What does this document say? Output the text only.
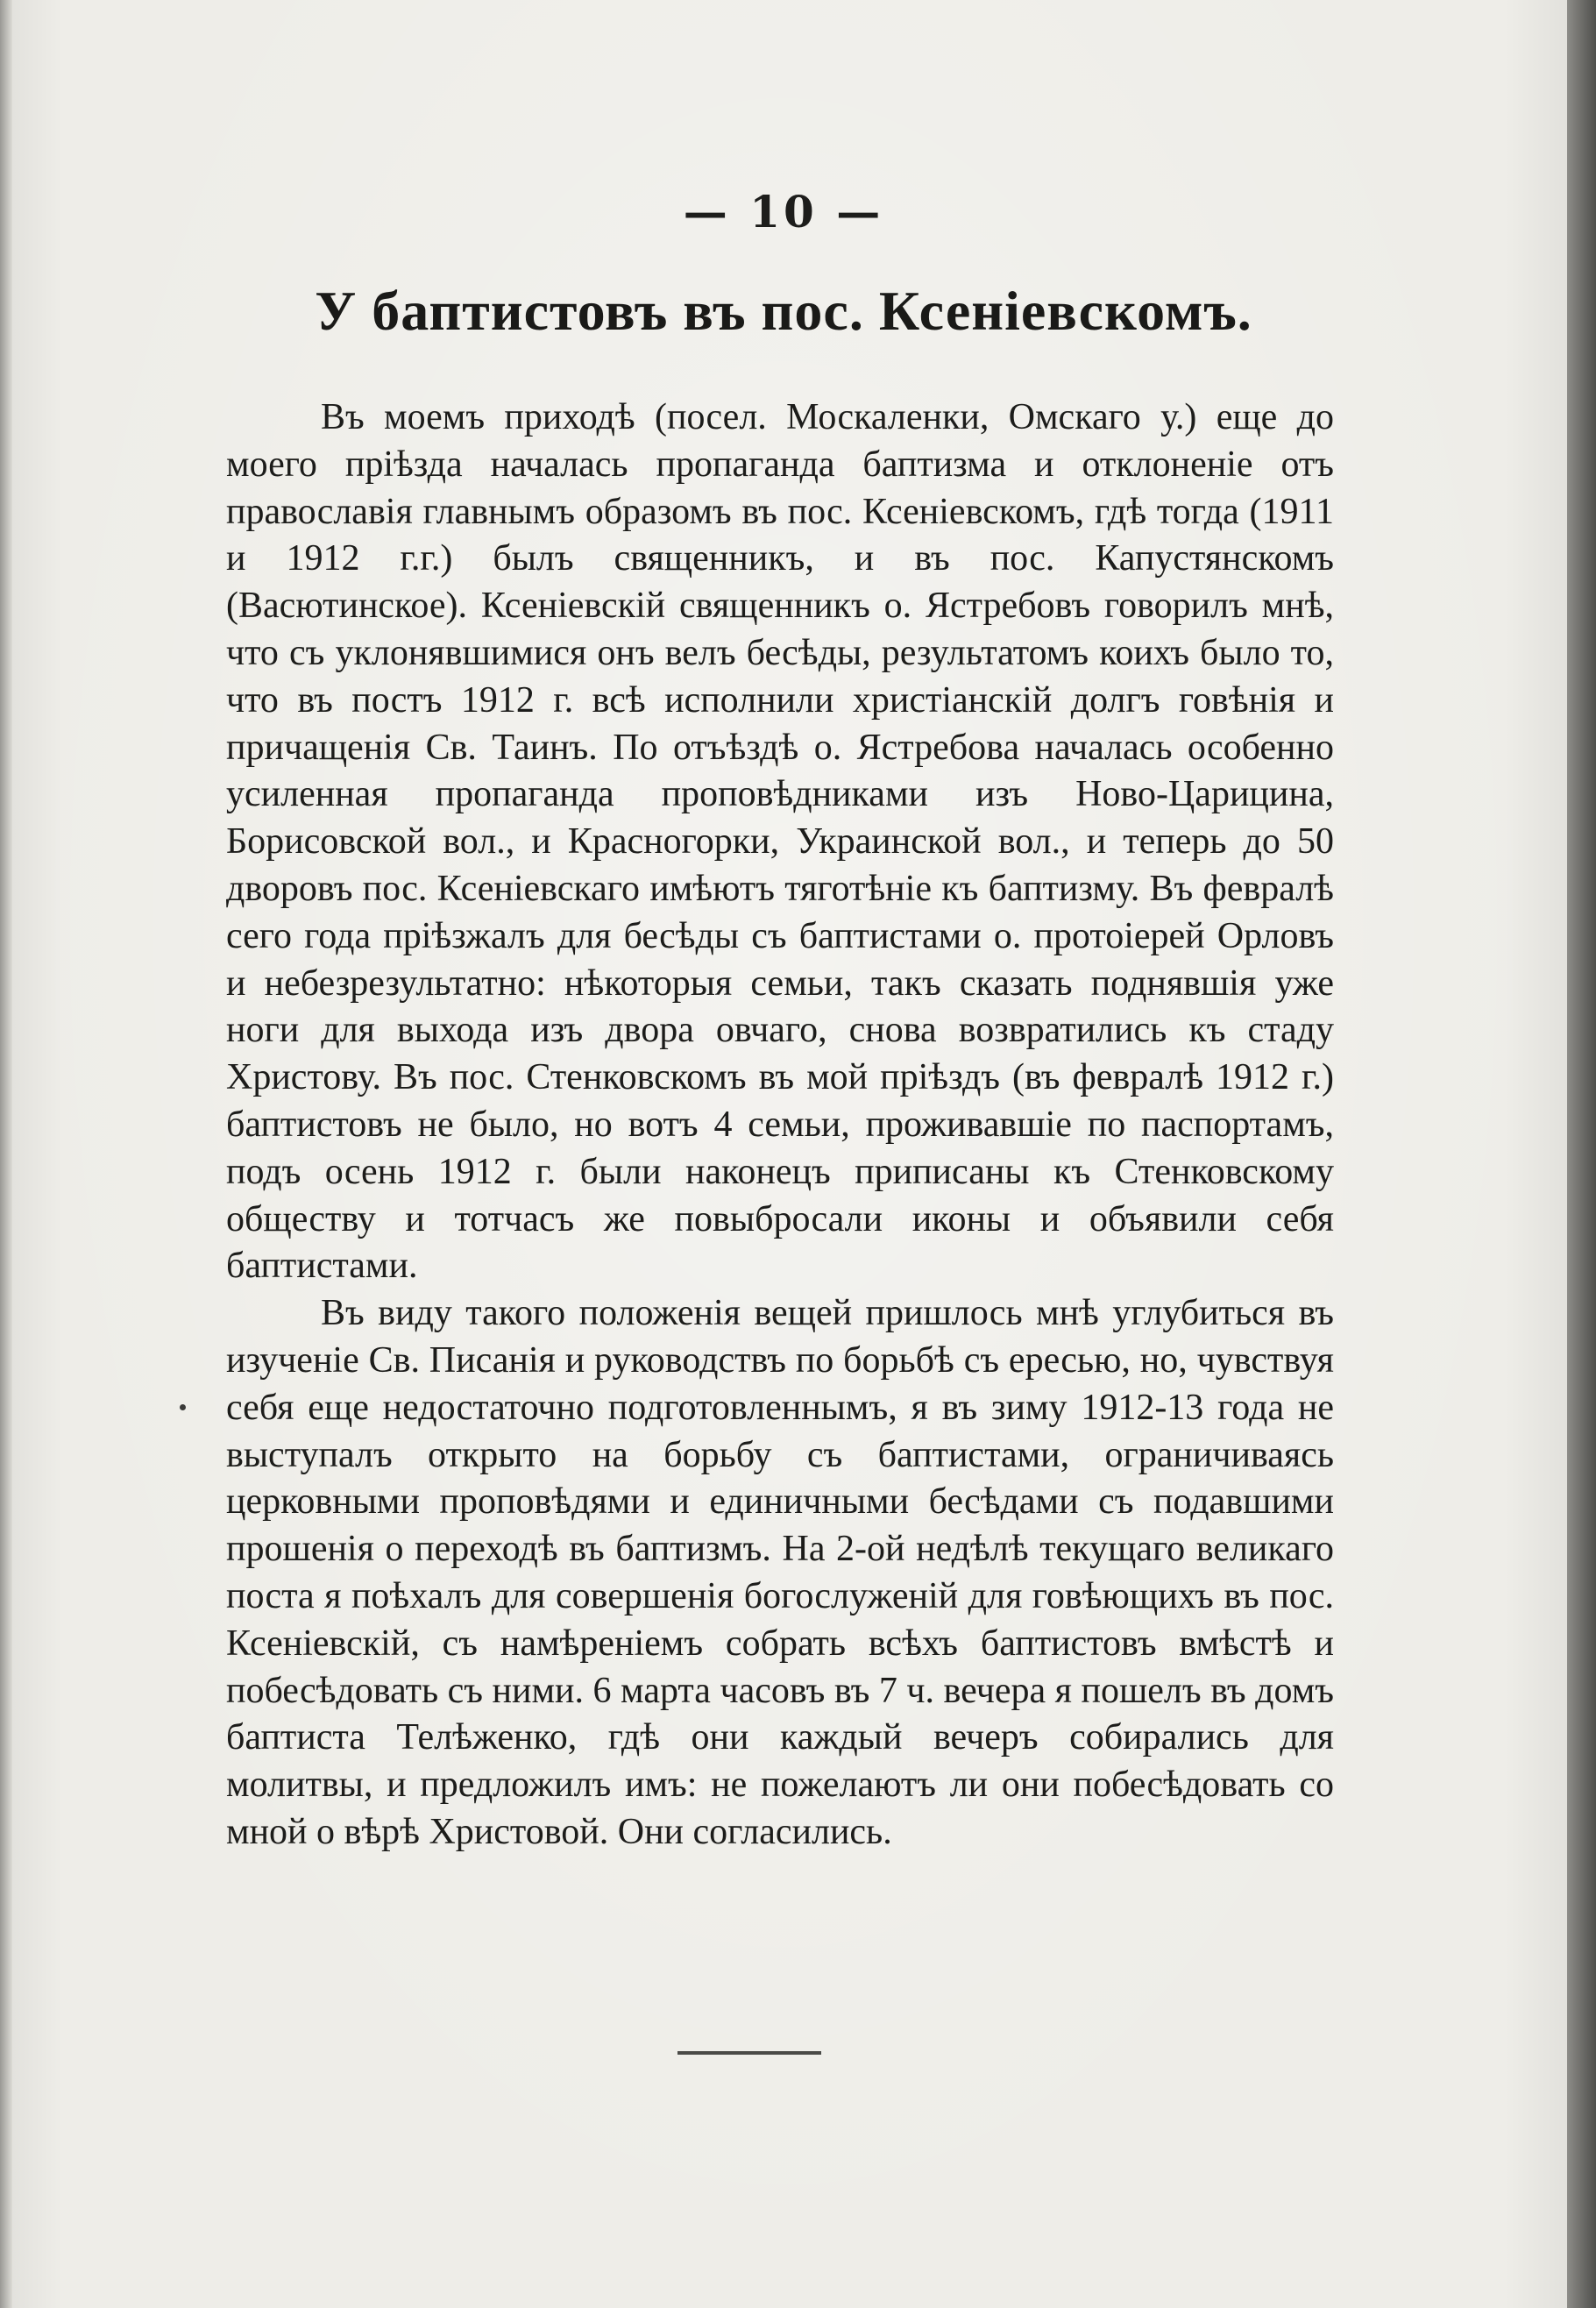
— 10 —
У баптистовъ въ пос. Ксеніевскомъ.

Въ моемъ приходѣ (посел. Москаленки, Омскаго у.) еще до моего пріѣзда началась пропаганда баптизма и отклоненіе отъ православія главнымъ образомъ въ пос. Ксеніевскомъ, гдѣ тогда (1911 и 1912 г.г.) былъ священникъ, и въ пос. Капустянскомъ (Васютинское). Ксеніевскій священникъ о. Ястребовъ говорилъ мнѣ, что съ уклонявшимися онъ велъ бесѣды, результатомъ коихъ было то, что въ постъ 1912 г. всѣ исполнили христіанскій долгъ говѣнія и причащенія Св. Таинъ. По отъѣздѣ о. Ястребова началась особенно усиленная пропаганда проповѣдниками изъ Ново-Царицина, Борисовской вол., и Красногорки, Украинской вол., и теперь до 50 дворовъ пос. Ксеніевскаго имѣютъ тяготѣніе къ баптизму. Въ февралѣ сего года пріѣзжалъ для бесѣды съ баптистами о. протоіерей Орловъ и небезрезультатно: нѣкоторыя семьи, такъ сказать поднявшія уже ноги для выхода изъ двора овчаго, снова возвратились къ стаду Христову. Въ пос. Стенковскомъ въ мой пріѣздъ (въ февралѣ 1912 г.) баптистовъ не было, но вотъ 4 семьи, проживавшіе по паспортамъ, подъ осень 1912 г. были наконецъ приписаны къ Стенковскому обществу и тотчасъ же повыбросали иконы и объявили себя баптистами.

Въ виду такого положенія вещей пришлось мнѣ углубиться въ изученіе Св. Писанія и руководствъ по борьбѣ съ ересью, но, чувствуя себя еще недостаточно подготовленнымъ, я въ зиму 1912-13 года не выступалъ открыто на борьбу съ баптистами, ограничиваясь церковными проповѣдями и единичными бесѣдами съ подавшими прошенія о переходѣ въ баптизмъ. На 2-ой недѣлѣ текущаго великаго поста я поѣхалъ для совершенія богослуженій для говѣющихъ въ пос. Ксеніевскій, съ намѣреніемъ собрать всѣхъ баптистовъ вмѣстѣ и побесѣдовать съ ними. 6 марта часовъ въ 7 ч. вечера я пошелъ въ домъ баптиста Телѣженко, гдѣ они каждый вечеръ собирались для молитвы, и предложилъ имъ: не пожелаютъ ли они побесѣдовать со мной о вѣрѣ Христовой. Они согласились.
